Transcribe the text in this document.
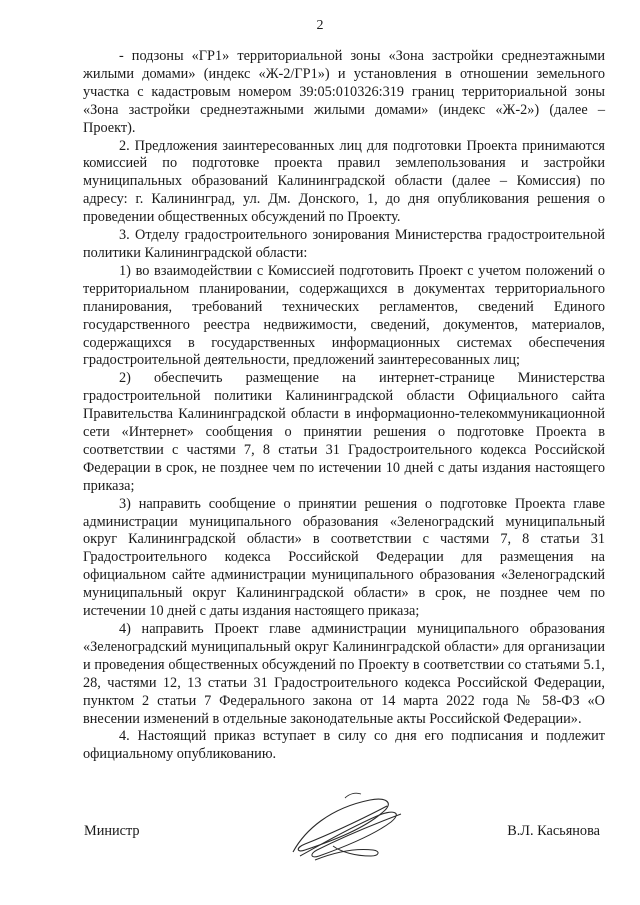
2

- подзоны «ГР1» территориальной зоны «Зона застройки среднеэтажными жилыми домами» (индекс «Ж-2/ГР1») и установления в отношении земельного участка с кадастровым номером 39:05:010326:319 границ территориальной зоны «Зона застройки среднеэтажными жилыми домами» (индекс «Ж-2») (далее – Проект).

2. Предложения заинтересованных лиц для подготовки Проекта принимаются комиссией по подготовке проекта правил землепользования и застройки муниципальных образований Калининградской области (далее – Комиссия) по адресу: г. Калининград, ул. Дм. Донского, 1, до дня опубликования решения о проведении общественных обсуждений по Проекту.

3. Отделу градостроительного зонирования Министерства градостроительной политики Калининградской области:

1) во взаимодействии с Комиссией подготовить Проект с учетом положений о территориальном планировании, содержащихся в документах территориального планирования, требований технических регламентов, сведений Единого государственного реестра недвижимости, сведений, документов, материалов, содержащихся в государственных информационных системах обеспечения градостроительной деятельности, предложений заинтересованных лиц;

2) обеспечить размещение на интернет-странице Министерства градостроительной политики Калининградской области Официального сайта Правительства Калининградской области в информационно-телекоммуникационной сети «Интернет» сообщения о принятии решения о подготовке Проекта в соответствии с частями 7, 8 статьи 31 Градостроительного кодекса Российской Федерации в срок, не позднее чем по истечении 10 дней с даты издания настоящего приказа;

3) направить сообщение о принятии решения о подготовке Проекта главе администрации муниципального образования «Зеленоградский муниципальный округ Калининградской области» в соответствии с частями 7, 8 статьи 31 Градостроительного кодекса Российской Федерации для размещения на официальном сайте администрации муниципального образования «Зеленоградский муниципальный округ Калининградской области» в срок, не позднее чем по истечении 10 дней с даты издания настоящего приказа;

4) направить Проект главе администрации муниципального образования «Зеленоградский муниципальный округ Калининградской области» для организации и проведения общественных обсуждений по Проекту в соответствии со статьями 5.1, 28, частями 12, 13 статьи 31 Градостроительного кодекса Российской Федерации, пунктом 2 статьи 7 Федерального закона от 14 марта 2022 года № 58-ФЗ «О внесении изменений в отдельные законодательные акты Российской Федерации».

4. Настоящий приказ вступает в силу со дня его подписания и подлежит официальному опубликованию.

Министр	В.Л. Касьянова
